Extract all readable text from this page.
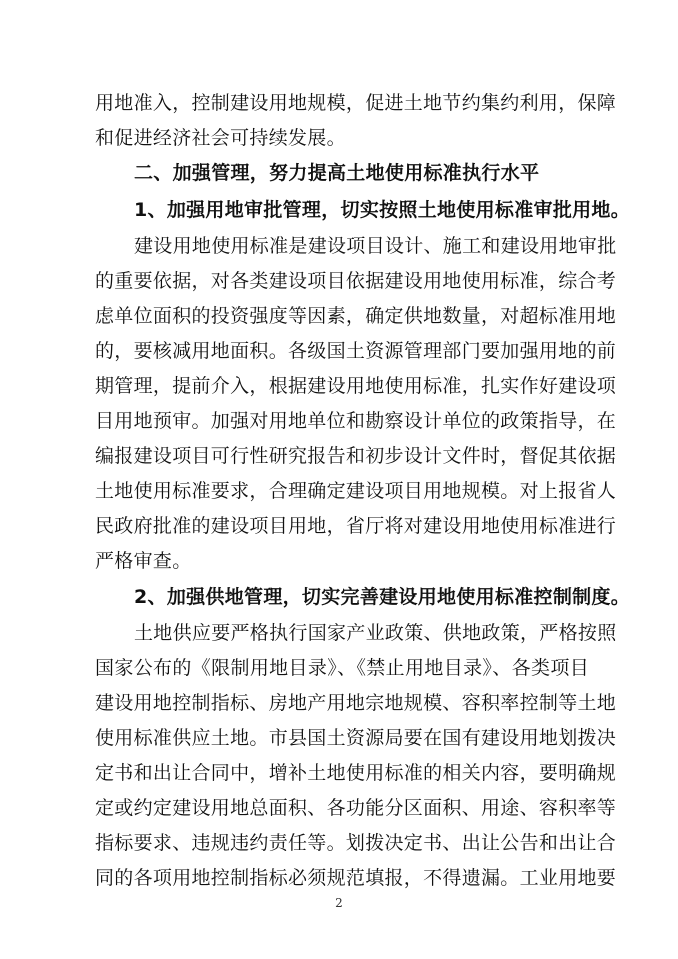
用地准入，控制建设用地规模，促进土地节约集约利用，保障
和促进经济社会可持续发展。
二、加强管理，努力提高土地使用标准执行水平
1、加强用地审批管理，切实按照土地使用标准审批用地。
建设用地使用标准是建设项目设计、施工和建设用地审批
的重要依据，对各类建设项目依据建设用地使用标准，综合考
虑单位面积的投资强度等因素，确定供地数量，对超标准用地
的，要核减用地面积。各级国土资源管理部门要加强用地的前
期管理，提前介入，根据建设用地使用标准，扎实作好建设项
目用地预审。加强对用地单位和勘察设计单位的政策指导，在
编报建设项目可行性研究报告和初步设计文件时，督促其依据
土地使用标准要求，合理确定建设项目用地规模。对上报省人
民政府批准的建设项目用地，省厅将对建设用地使用标准进行
严格审查。
2、加强供地管理，切实完善建设用地使用标准控制制度。
土地供应要严格执行国家产业政策、供地政策，严格按照
国家公布的《限制用地目录》、《禁止用地目录》、各类项目
建设用地控制指标、房地产用地宗地规模、容积率控制等土地
使用标准供应土地。市县国土资源局要在国有建设用地划拨决
定书和出让合同中，增补土地使用标准的相关内容，要明确规
定或约定建设用地总面积、各功能分区面积、用途、容积率等
指标要求、违规违约责任等。划拨决定书、出让公告和出让合
同的各项用地控制指标必须规范填报，不得遗漏。工业用地要
2
